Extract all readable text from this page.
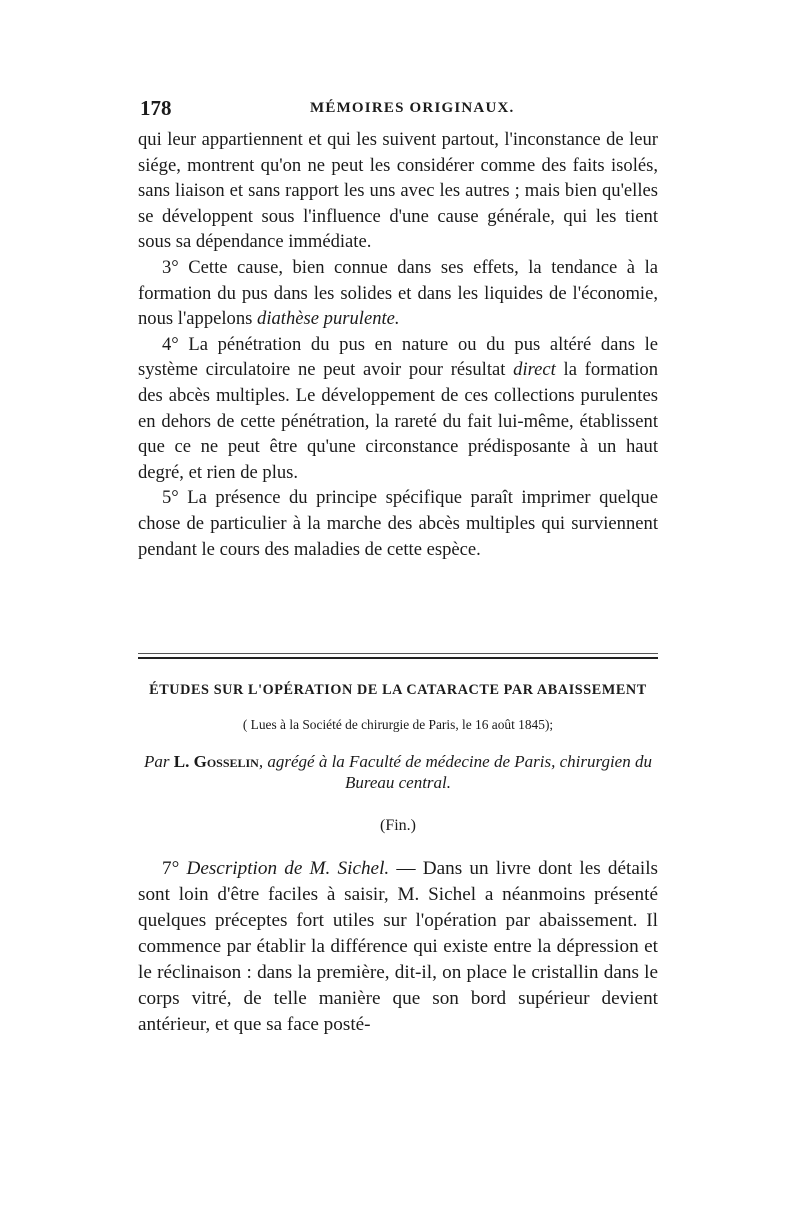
178	MÉMOIRES ORIGINAUX.

qui leur appartiennent et qui les suivent partout, l'inconstance de leur siége, montrent qu'on ne peut les considérer comme des faits isolés, sans liaison et sans rapport les uns avec les autres ; mais bien qu'elles se développent sous l'influence d'une cause générale, qui les tient sous sa dépendance immédiate.

3° Cette cause, bien connue dans ses effets, la tendance à la formation du pus dans les solides et dans les liquides de l'économie, nous l'appelons diathèse purulente.

4° La pénétration du pus en nature ou du pus altéré dans le système circulatoire ne peut avoir pour résultat direct la formation des abcès multiples. Le développement de ces collections purulentes en dehors de cette pénétration, la rareté du fait lui-même, établissent que ce ne peut être qu'une circonstance prédisposante à un haut degré, et rien de plus.

5° La présence du principe spécifique paraît imprimer quelque chose de particulier à la marche des abcès multiples qui surviennent pendant le cours des maladies de cette espèce.

ÉTUDES SUR L'OPÉRATION DE LA CATARACTE PAR ABAISSEMENT
( Lues à la Société de chirurgie de Paris, le 16 août 1845);
Par L. Gosselin, agrégé à la Faculté de médecine de Paris, chirurgien du Bureau central.
(Fin.)

7° Description de M. Sichel. — Dans un livre dont les détails sont loin d'être faciles à saisir, M. Sichel a néanmoins présenté quelques préceptes fort utiles sur l'opération par abaissement. Il commence par établir la différence qui existe entre la dépression et le réclinaison : dans la première, dit-il, on place le cristallin dans le corps vitré, de telle manière que son bord supérieur devient antérieur, et que sa face posté-
